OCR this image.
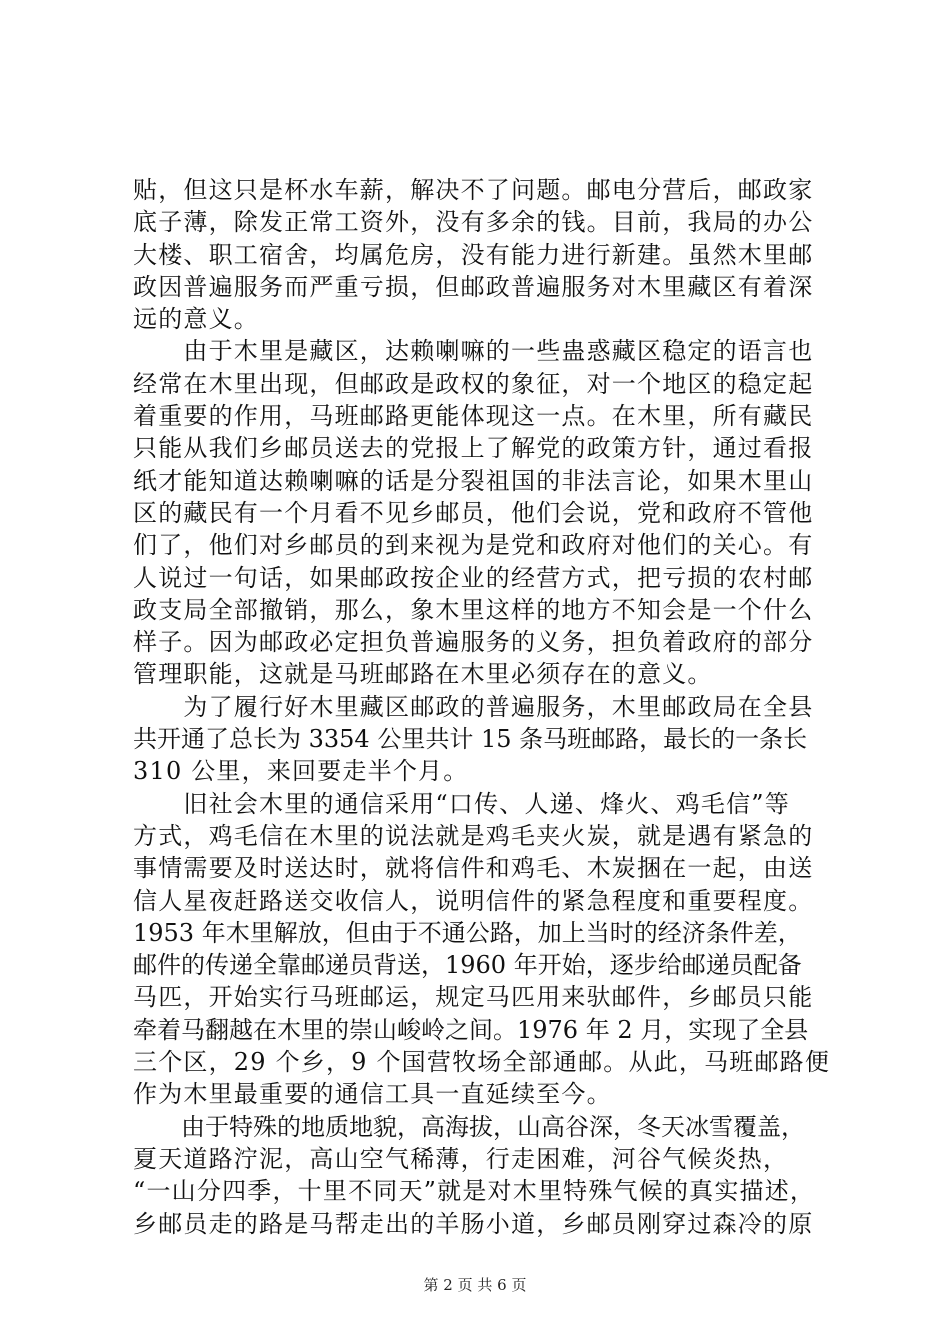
贴，但这只是杯水车薪，解决不了问题。邮电分营后，邮政家
底子薄，除发正常工资外，没有多余的钱。目前，我局的办公
大楼、职工宿舍，均属危房，没有能力进行新建。虽然木里邮
政因普遍服务而严重亏损，但邮政普遍服务对木里藏区有着深
远的意义。
　　由于木里是藏区，达赖喇嘛的一些蛊惑藏区稳定的语言也
经常在木里出现，但邮政是政权的象征，对一个地区的稳定起
着重要的作用，马班邮路更能体现这一点。在木里，所有藏民
只能从我们乡邮员送去的党报上了解党的政策方针，通过看报
纸才能知道达赖喇嘛的话是分裂祖国的非法言论，如果木里山
区的藏民有一个月看不见乡邮员，他们会说，党和政府不管他
们了，他们对乡邮员的到来视为是党和政府对他们的关心。有
人说过一句话，如果邮政按企业的经营方式，把亏损的农村邮
政支局全部撤销，那么，象木里这样的地方不知会是一个什么
样子。因为邮政必定担负普遍服务的义务，担负着政府的部分
管理职能，这就是马班邮路在木里必须存在的意义。
　　为了履行好木里藏区邮政的普遍服务，木里邮政局在全县
共开通了总长为 3354 公里共计 15 条马班邮路，最长的一条长
310 公里，来回要走半个月。
　　旧社会木里的通信采用“口传、人递、烽火、鸡毛信”等
方式，鸡毛信在木里的说法就是鸡毛夹火炭，就是遇有紧急的
事情需要及时送达时，就将信件和鸡毛、木炭捆在一起，由送
信人星夜赶路送交收信人，说明信件的紧急程度和重要程度。
1953 年木里解放，但由于不通公路，加上当时的经济条件差，
邮件的传递全靠邮递员背送，1960 年开始，逐步给邮递员配备
马匹，开始实行马班邮运，规定马匹用来驮邮件，乡邮员只能
牵着马翻越在木里的崇山峻岭之间。1976 年 2 月，实现了全县
三个区，29 个乡，9 个国营牧场全部通邮。从此，马班邮路便
作为木里最重要的通信工具一直延续至今。
　　由于特殊的地质地貌，高海拔，山高谷深，冬天冰雪覆盖，
夏天道路泞泥，高山空气稀薄，行走困难，河谷气候炎热，
“一山分四季，十里不同天”就是对木里特殊气候的真实描述，
乡邮员走的路是马帮走出的羊肠小道，乡邮员刚穿过森冷的原
第 2 页 共 6 页
